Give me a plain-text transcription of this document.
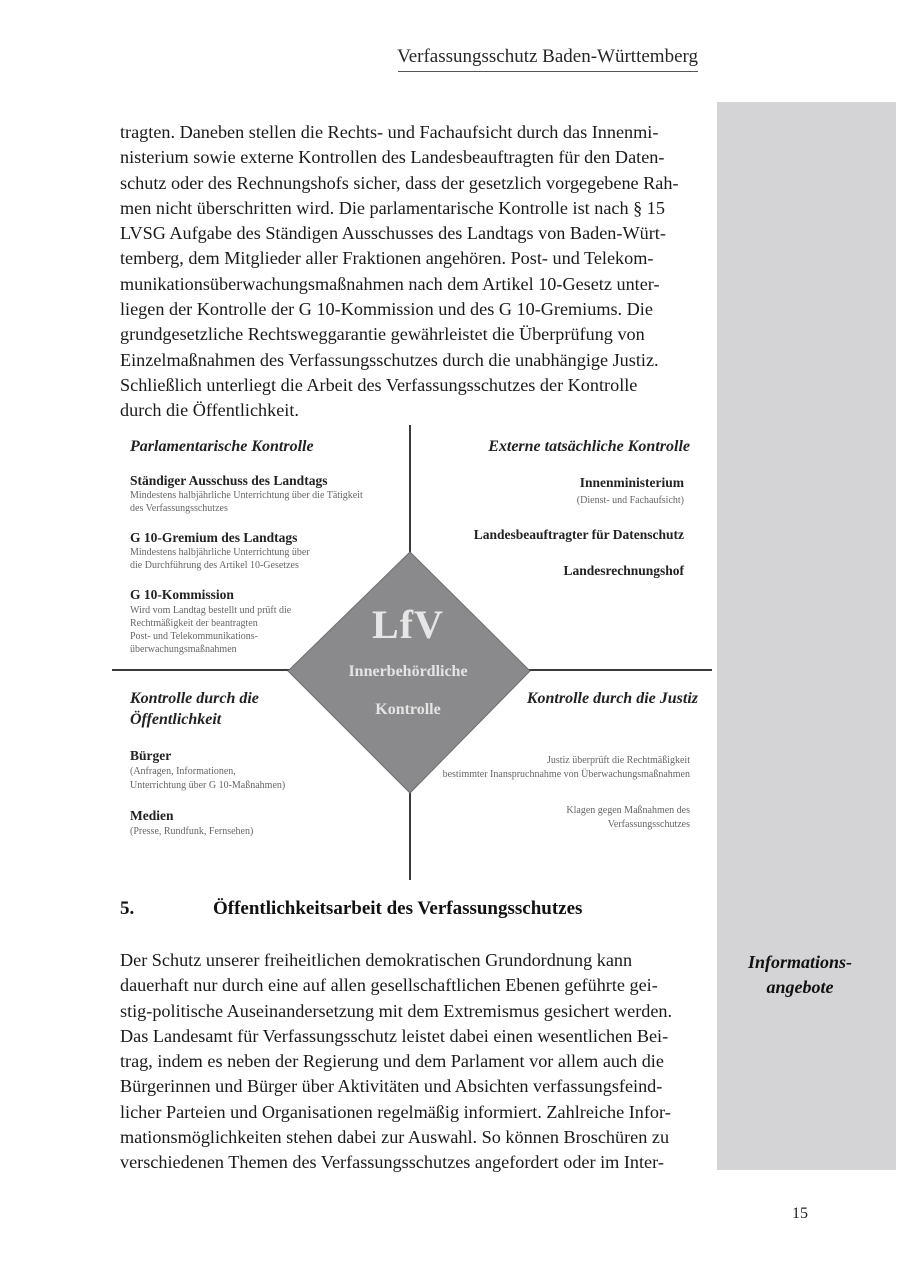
Verfassungsschutz Baden-Württemberg
tragten. Daneben stellen die Rechts- und Fachaufsicht durch das Innenmi-
nisterium sowie externe Kontrollen des Landesbeauftragten für den Daten-
schutz oder des Rechnungshofs sicher, dass der gesetzlich vorgegebene Rah-
men nicht überschritten wird. Die parlamentarische Kontrolle ist nach § 15
LVSG Aufgabe des Ständigen Ausschusses des Landtags von Baden-Würt-
temberg, dem Mitglieder aller Fraktionen angehören. Post- und Telekom-
munikationsüberwachungsmaßnahmen nach dem Artikel 10-Gesetz unter-
liegen der Kontrolle der G 10-Kommission und des G 10-Gremiums. Die
grundgesetzliche Rechtsweggarantie gewährleistet die Überprüfung von
Einzelmaßnahmen des Verfassungsschutzes durch die unabhängige Justiz.
Schließlich unterliegt die Arbeit des Verfassungsschutzes der Kontrolle
durch die Öffentlichkeit.
LfV
Innerbehördliche
Kontrolle
Parlamentarische Kontrolle
Ständiger Ausschuss des Landtags
Mindestens halbjährliche Unterrichtung über die Tätigkeit
des Verfassungsschutzes
G 10-Gremium des Landtags
Mindestens halbjährliche Unterrichtung über
die Durchführung des Artikel 10-Gesetzes
G 10-Kommission
Wird vom Landtag bestellt und prüft die
Rechtmäßigkeit der beantragten
Post- und Telekommunikations-
überwachungsmaßnahmen
Externe tatsächliche Kontrolle
Innenministerium
(Dienst- und Fachaufsicht)
Landesbeauftragter für Datenschutz
Landesrechnungshof
Kontrolle durch die
Öffentlichkeit
Bürger
(Anfragen, Informationen,
Unterrichtung über G 10-Maßnahmen)
Medien
(Presse, Rundfunk, Fernsehen)
Kontrolle durch die Justiz
Justiz überprüft die Rechtmäßigkeit
bestimmter Inanspruchnahme von Überwachungsmaßnahmen
Klagen gegen Maßnahmen des
Verfassungsschutzes
5.	Öffentlichkeitsarbeit des Verfassungsschutzes
Der Schutz unserer freiheitlichen demokratischen Grundordnung kann
dauerhaft nur durch eine auf allen gesellschaftlichen Ebenen geführte gei-
stig-politische Auseinandersetzung mit dem Extremismus gesichert werden.
Das Landesamt für Verfassungsschutz leistet dabei einen wesentlichen Bei-
trag, indem es neben der Regierung und dem Parlament vor allem auch die
Bürgerinnen und Bürger über Aktivitäten und Absichten verfassungsfeind-
licher Parteien und Organisationen regelmäßig informiert. Zahlreiche Infor-
mationsmöglichkeiten stehen dabei zur Auswahl. So können Broschüren zu
verschiedenen Themen des Verfassungsschutzes angefordert oder im Inter-
Informations-
angebote
15
